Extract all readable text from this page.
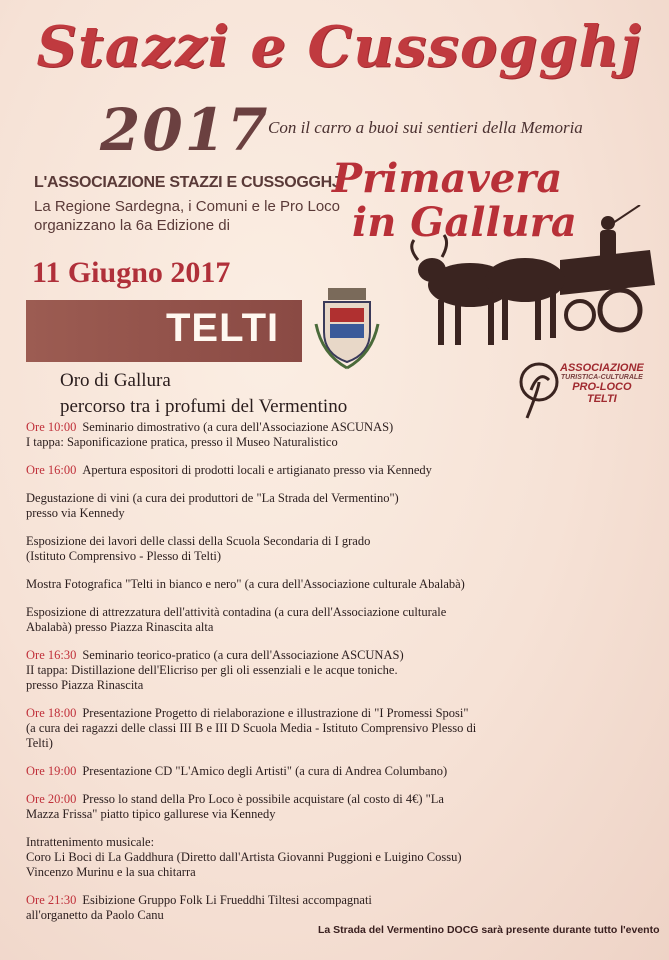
Stazzi e Cussogghj
2017
Con il carro a buoi sui sentieri della Memoria
L'ASSOCIAZIONE STAZZI E CUSSOGGHJ
La Regione Sardegna, i Comuni e le Pro Loco
organizzano la 6a Edizione di
Primavera
in Gallura
11 Giugno 2017
TELTI
ASSOCIAZIONE
TURISTICA-CULTURALE
PRO-LOCO
TELTI
Oro di Gallura
percorso tra i profumi del Vermentino
Ore 10:00 Seminario dimostrativo (a cura dell'Associazione ASCUNAS)
I tappa: Saponificazione pratica, presso il Museo Naturalistico
Ore 16:00 Apertura espositori di prodotti locali e artigianato presso via Kennedy
Degustazione di vini (a cura dei produttori de "La Strada del Vermentino")
presso via Kennedy
Esposizione dei lavori delle classi della Scuola Secondaria di I grado
(Istituto Comprensivo - Plesso di Telti)
Mostra Fotografica "Telti in bianco e nero" (a cura dell'Associazione culturale Abalabà)
Esposizione di attrezzatura dell'attività contadina (a cura dell'Associazione culturale
Abalabà) presso Piazza Rinascita alta
Ore 16:30 Seminario teorico-pratico (a cura dell'Associazione ASCUNAS)
II tappa: Distillazione dell'Elicriso per gli oli essenziali e le acque toniche.
presso Piazza Rinascita
Ore 18:00 Presentazione Progetto di rielaborazione e illustrazione di "I Promessi Sposi"
(a cura dei ragazzi delle classi III B e III D Scuola Media - Istituto Comprensivo Plesso di
Telti)
Ore 19:00 Presentazione CD "L'Amico degli Artisti" (a cura di Andrea Columbano)
Ore 20:00 Presso lo stand della Pro Loco è possibile acquistare (al costo di 4€) "La
Mazza Frissa" piatto tipico gallurese via Kennedy
Intrattenimento musicale:
Coro Li Boci di La Gaddhura (Diretto dall'Artista Giovanni Puggioni e Luigino Cossu)
Vincenzo Murinu e la sua chitarra
Ore 21:30 Esibizione Gruppo Folk Li Frueddhi Tiltesi accompagnati
all'organetto da Paolo Canu
La Strada del Vermentino DOCG sarà presente durante tutto l'evento
